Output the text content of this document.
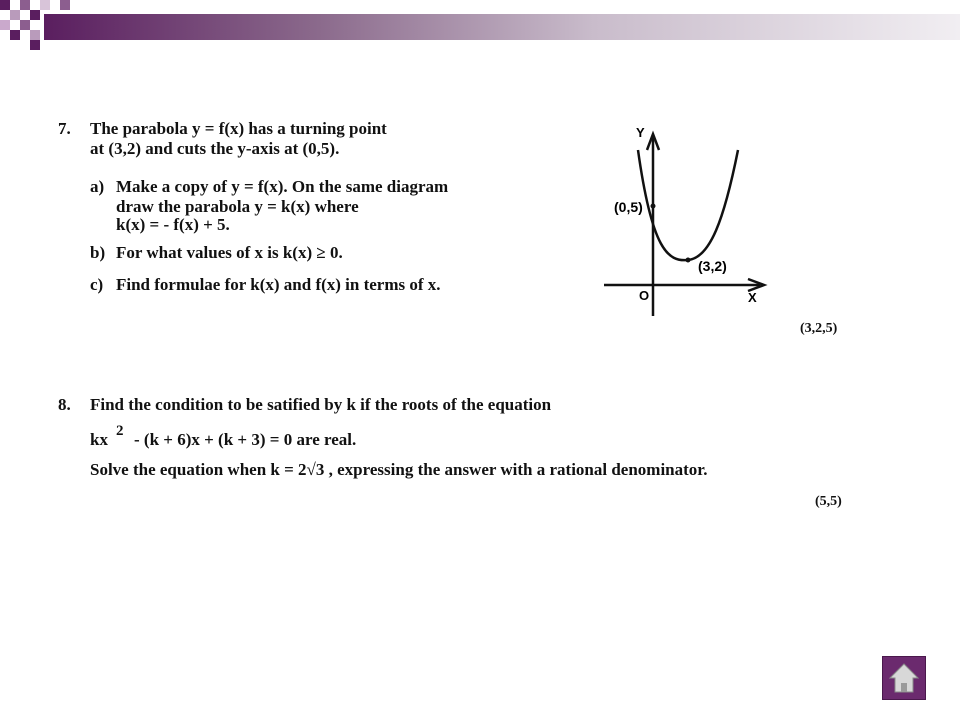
7. The parabola y = f(x) has a turning point
at (3,2) and cuts the y-axis at (0,5).
a) Make a copy of y = f(x). On the same diagram
draw the parabola y = k(x) where
k(x) = - f(x) + 5.
b) For what values of x is k(x) ≥ 0.
c) Find formulae for k(x) and f(x) in terms of x.
(3,2,5)
Y
X
O
(0,5)
(3,2)
8. Find the condition to be satified by k if the roots of the equation
kx 2 - (k + 6)x + (k + 3) = 0 are real.
Solve the equation when k = 2√3 , expressing the answer with a rational denominator.
(5,5)
